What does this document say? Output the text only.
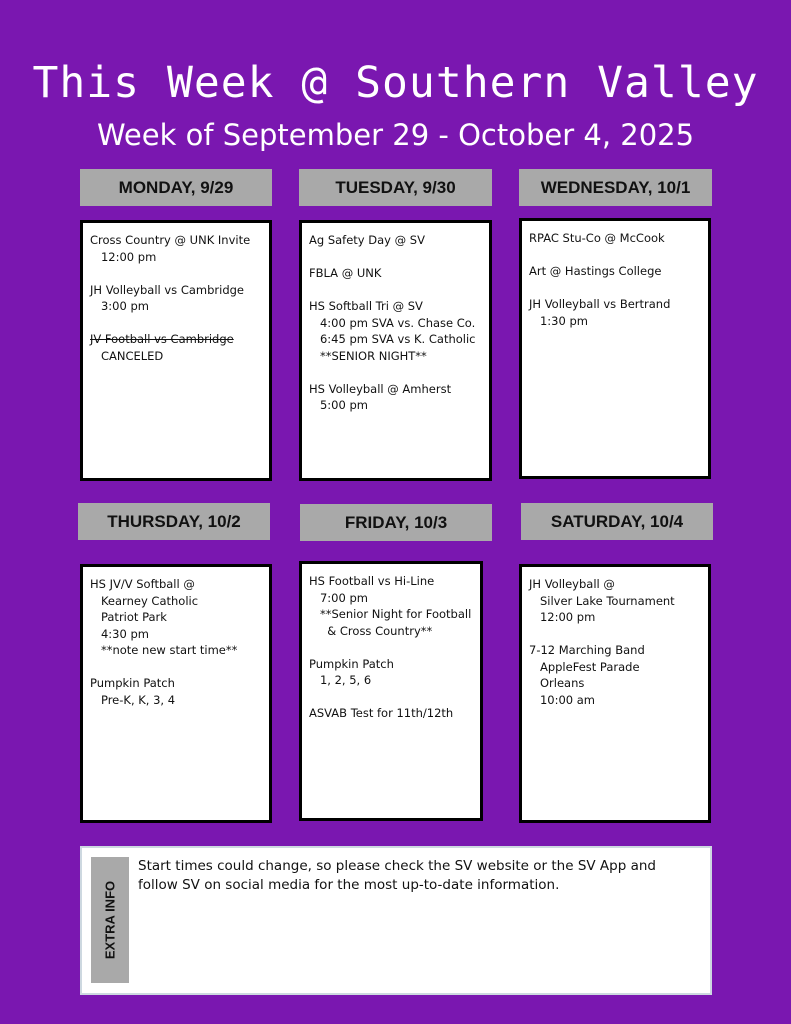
This Week @ Southern Valley
Week of September 29 - October 4, 2025
MONDAY, 9/29
Cross Country @ UNK Invite
12:00 pm
JH Volleyball vs Cambridge
3:00 pm
JV Football vs Cambridge
CANCELED
TUESDAY, 9/30
Ag Safety Day @ SV
FBLA @ UNK
HS Softball Tri @ SV
4:00 pm SVA vs. Chase Co.
6:45 pm SVA vs K. Catholic
**SENIOR NIGHT**
HS Volleyball @ Amherst
5:00 pm
WEDNESDAY, 10/1
RPAC Stu-Co @ McCook
Art @ Hastings College
JH Volleyball vs Bertrand
1:30 pm
THURSDAY, 10/2
HS JV/V Softball @
Kearney Catholic
Patriot Park
4:30 pm
**note new start time**
Pumpkin Patch
Pre-K, K, 3, 4
FRIDAY, 10/3
HS Football vs Hi-Line
7:00 pm
**Senior Night for Football
& Cross Country**
Pumpkin Patch
1, 2, 5, 6
ASVAB Test for 11th/12th
SATURDAY, 10/4
JH Volleyball @
Silver Lake Tournament
12:00 pm
7-12 Marching Band
AppleFest Parade
Orleans
10:00 am
EXTRA INFO
Start times could change, so please check the SV website or the SV App and follow SV on social media for the most up-to-date information.
